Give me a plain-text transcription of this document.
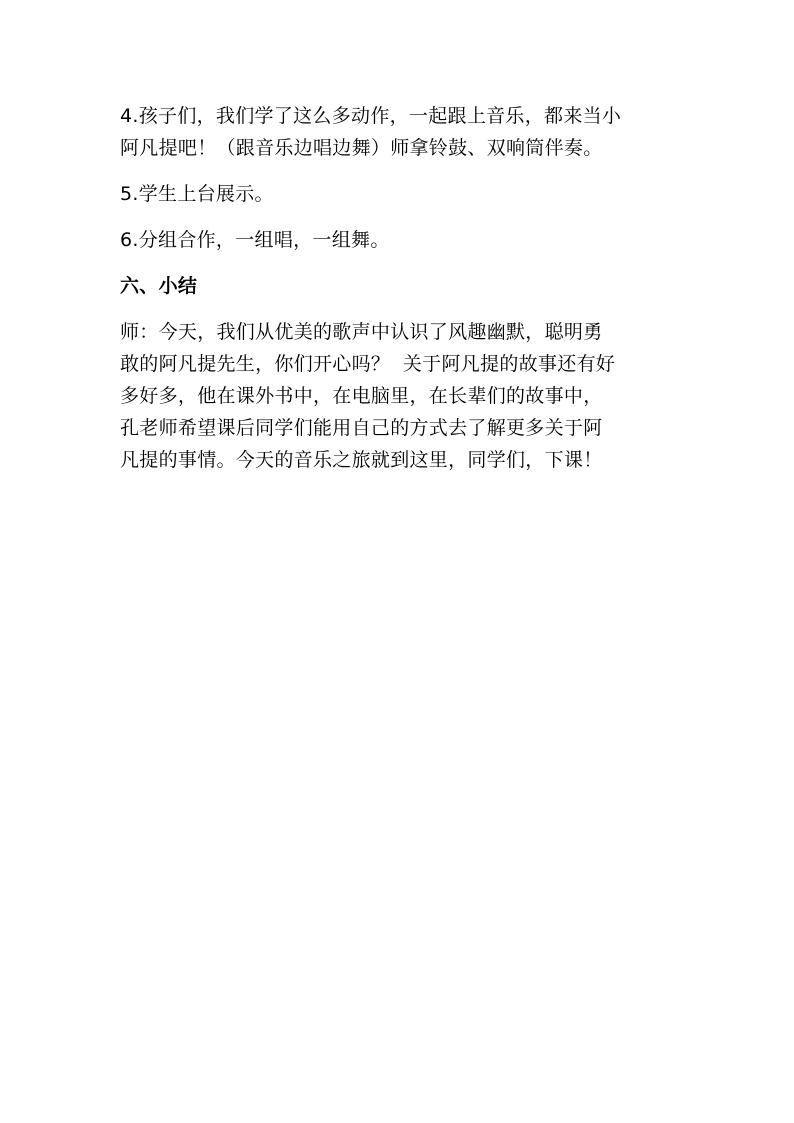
4.孩子们，我们学了这么多动作，一起跟上音乐，都来当小
阿凡提吧！（跟音乐边唱边舞）师拿铃鼓、双响筒伴奏。

5.学生上台展示。

6.分组合作，一组唱，一组舞。

六、小结

师：今天，我们从优美的歌声中认识了风趣幽默，聪明勇
敢的阿凡提先生，你们开心吗？  关于阿凡提的故事还有好
多好多，他在课外书中，在电脑里，在长辈们的故事中，
孔老师希望课后同学们能用自己的方式去了解更多关于阿
凡提的事情。今天的音乐之旅就到这里，同学们，下课！
